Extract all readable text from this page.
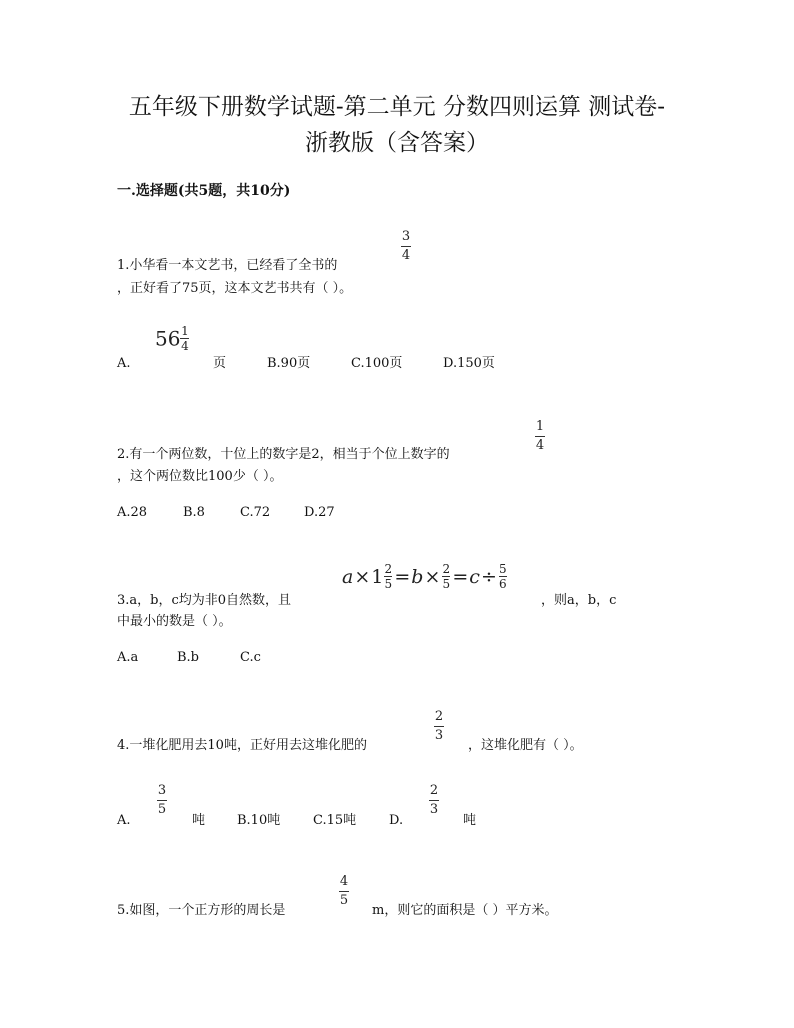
五年级下册数学试题-第二单元 分数四则运算 测试卷-
浙教版（含答案）
一.选择题(共5题，共10分)
1.小华看一本文艺书，已经看了全书的
3
4
，正好看了75页，这本文艺书共有（ ）。
A.
$56 \frac{1}{4}$
页	B.90页	C.100页	D.150页
2.有一个两位数，十位上的数字是2，相当于个位上数字的
1
4
，这个两位数比100少（ ）。
A.28	B.8	C.72	D.27
3.a，b，c均为非0自然数，且
a × 1 2
5 = b × 2
5 = c ÷ 5
6
，则a，b，c
中最小的数是（ ）。
A.a	B.b	C.c
4.一堆化肥用去10吨，正好用去这堆化肥的
2
3
，这堆化肥有（ ）。
A.
3
5
吨 B.10吨	C.15吨	D.
2
3
吨
5.如图，一个正方形的周长是
4
5
m，则它的面积是（ ）平方米。
